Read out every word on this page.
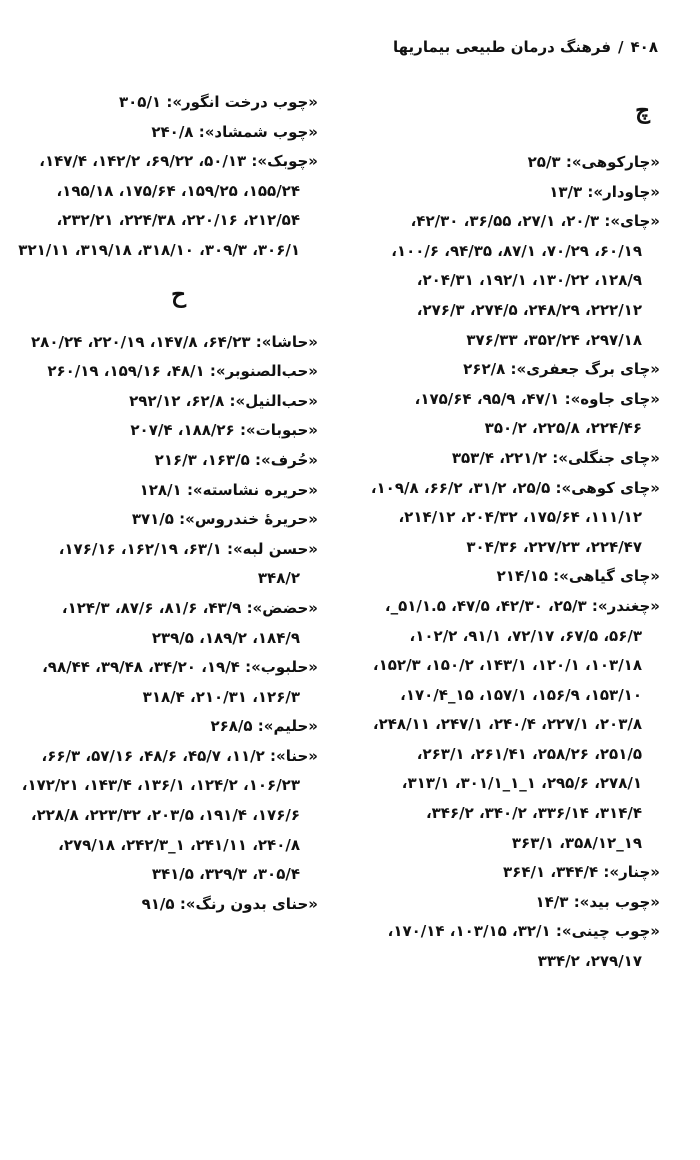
۴۰۸/فرهنگ درمان طبیعی بیماریها
چ

«چارکوهی»: ۲۵/۳

«چاودار»: ۱۳/۳

«چای»: ۲۰/۳، ۲۷/۱، ۳۶/۵۵، ۴۲/۳۰، ۶۰/۱۹، ۷۰/۲۹، ۸۷/۱، ۹۴/۳۵، ۱۰۰/۶، ۱۲۸/۹، ۱۳۰/۲۲، ۱۹۲/۱، ۲۰۴/۳۱، ۲۲۲/۱۲، ۲۴۸/۲۹، ۲۷۴/۵، ۲۷۶/۳، ۲۹۷/۱۸، ۳۵۲/۲۴، ۳۷۶/۳۳

«چای برگ جعفری»: ۲۶۲/۸

«چای جاوه»: ۴۷/۱، ۹۵/۹، ۱۷۵/۶۴، ۲۲۴/۴۶، ۲۲۵/۸، ۳۵۰/۲

«چای جنگلی»: ۲۲۱/۲، ۳۵۳/۴

«چای کوهی»: ۲۵/۵، ۳۱/۲، ۶۶/۲، ۱۰۹/۸، ۱۱۱/۱۲، ۱۷۵/۶۴، ۲۰۴/۳۲، ۲۱۴/۱۲، ۲۲۴/۴۷، ۲۲۷/۲۳، ۳۰۴/۳۶

«چای گیاهی»: ۲۱۴/۱۵

«چغندر»: ۲۵/۳، ۴۲/۳۰، ۴۷/۵، ۵۱/۱.۵_، ۵۶/۳، ۶۷/۵، ۷۲/۱۷، ۹۱/۱، ۱۰۲/۲، ۱۰۳/۱۸، ۱۲۰/۱، ۱۴۳/۱، ۱۵۰/۲، ۱۵۲/۳، ۱۵۳/۱۰، ۱۵۶/۹، ۱۵۷/۱، ۱۵_۱۷۰/۴، ۲۰۳/۸، ۲۲۷/۱، ۲۴۰/۴، ۲۴۷/۱، ۲۴۸/۱۱، ۲۵۱/۵، ۲۵۸/۲۶، ۲۶۱/۴۱، ۲۶۳/۱، ۲۷۸/۱، ۲۹۵/۶، ۱_۱_۳۰۱/۱، ۳۱۳/۱، ۳۱۴/۴، ۳۳۶/۱۴، ۳۴۰/۲، ۳۴۶/۲، ۱۹_۳۵۸/۱۲، ۳۶۳/۱

«چنار»: ۳۴۴/۴، ۳۶۴/۱

«چوب بید»: ۱۴/۳

«چوب چینی»: ۳۲/۱، ۱۰۳/۱۵، ۱۷۰/۱۴، ۲۷۹/۱۷، ۳۳۴/۲

«چوب درخت انگور»: ۳۰۵/۱

«چوب شمشاد»: ۲۴۰/۸

«چوبک»: ۵۰/۱۳، ۶۹/۲۲، ۱۴۲/۲، ۱۴۷/۴، ۱۵۵/۲۴، ۱۵۹/۲۵، ۱۷۵/۶۴، ۱۹۵/۱۸، ۲۱۲/۵۴، ۲۲۰/۱۶، ۲۲۴/۳۸، ۲۳۲/۲۱، ۳۰۶/۱، ۳۰۹/۳، ۳۱۸/۱۰، ۳۱۹/۱۸، ۳۲۱/۱۱

ح

«حاشا»: ۶۴/۲۳، ۱۴۷/۸، ۲۲۰/۱۹، ۲۸۰/۲۴

«حب‌الصنوبر»: ۴۸/۱، ۱۵۹/۱۶، ۲۶۰/۱۹

«حب‌النیل»: ۶۲/۸، ۲۹۲/۱۲

«حبوبات»: ۱۸۸/۲۶، ۲۰۷/۴

«حُرف»: ۱۶۳/۵، ۲۱۶/۳

«حریره نشاسته»: ۱۲۸/۱

«حریرهٔ خندروس»: ۳۷۱/۵

«حسن لبه»: ۶۳/۱، ۱۶۲/۱۹، ۱۷۶/۱۶، ۳۴۸/۲

«حضض»: ۴۳/۹، ۸۱/۶، ۸۷/۶، ۱۲۴/۳، ۱۸۴/۹، ۱۸۹/۲، ۲۳۹/۵

«حلبوب»: ۱۹/۴، ۳۴/۲۰، ۳۹/۴۸، ۹۸/۴۴، ۱۲۶/۳، ۲۱۰/۳۱، ۳۱۸/۴

«حلیم»: ۲۶۸/۵

«حنا»: ۱۱/۲، ۴۵/۷، ۴۸/۶، ۵۷/۱۶، ۶۶/۳، ۱۰۶/۲۳، ۱۲۴/۲، ۱۳۶/۱، ۱۴۳/۴، ۱۷۲/۲۱، ۱۷۶/۶، ۱۹۱/۴، ۲۰۳/۵، ۲۲۳/۳۲، ۲۲۸/۸، ۲۴۰/۸، ۲۴۱/۱۱، ۱_۲۴۲/۳، ۲۷۹/۱۸، ۳۰۵/۴، ۳۲۹/۳، ۳۴۱/۵

«حنای بدون رنگ»: ۹۱/۵
